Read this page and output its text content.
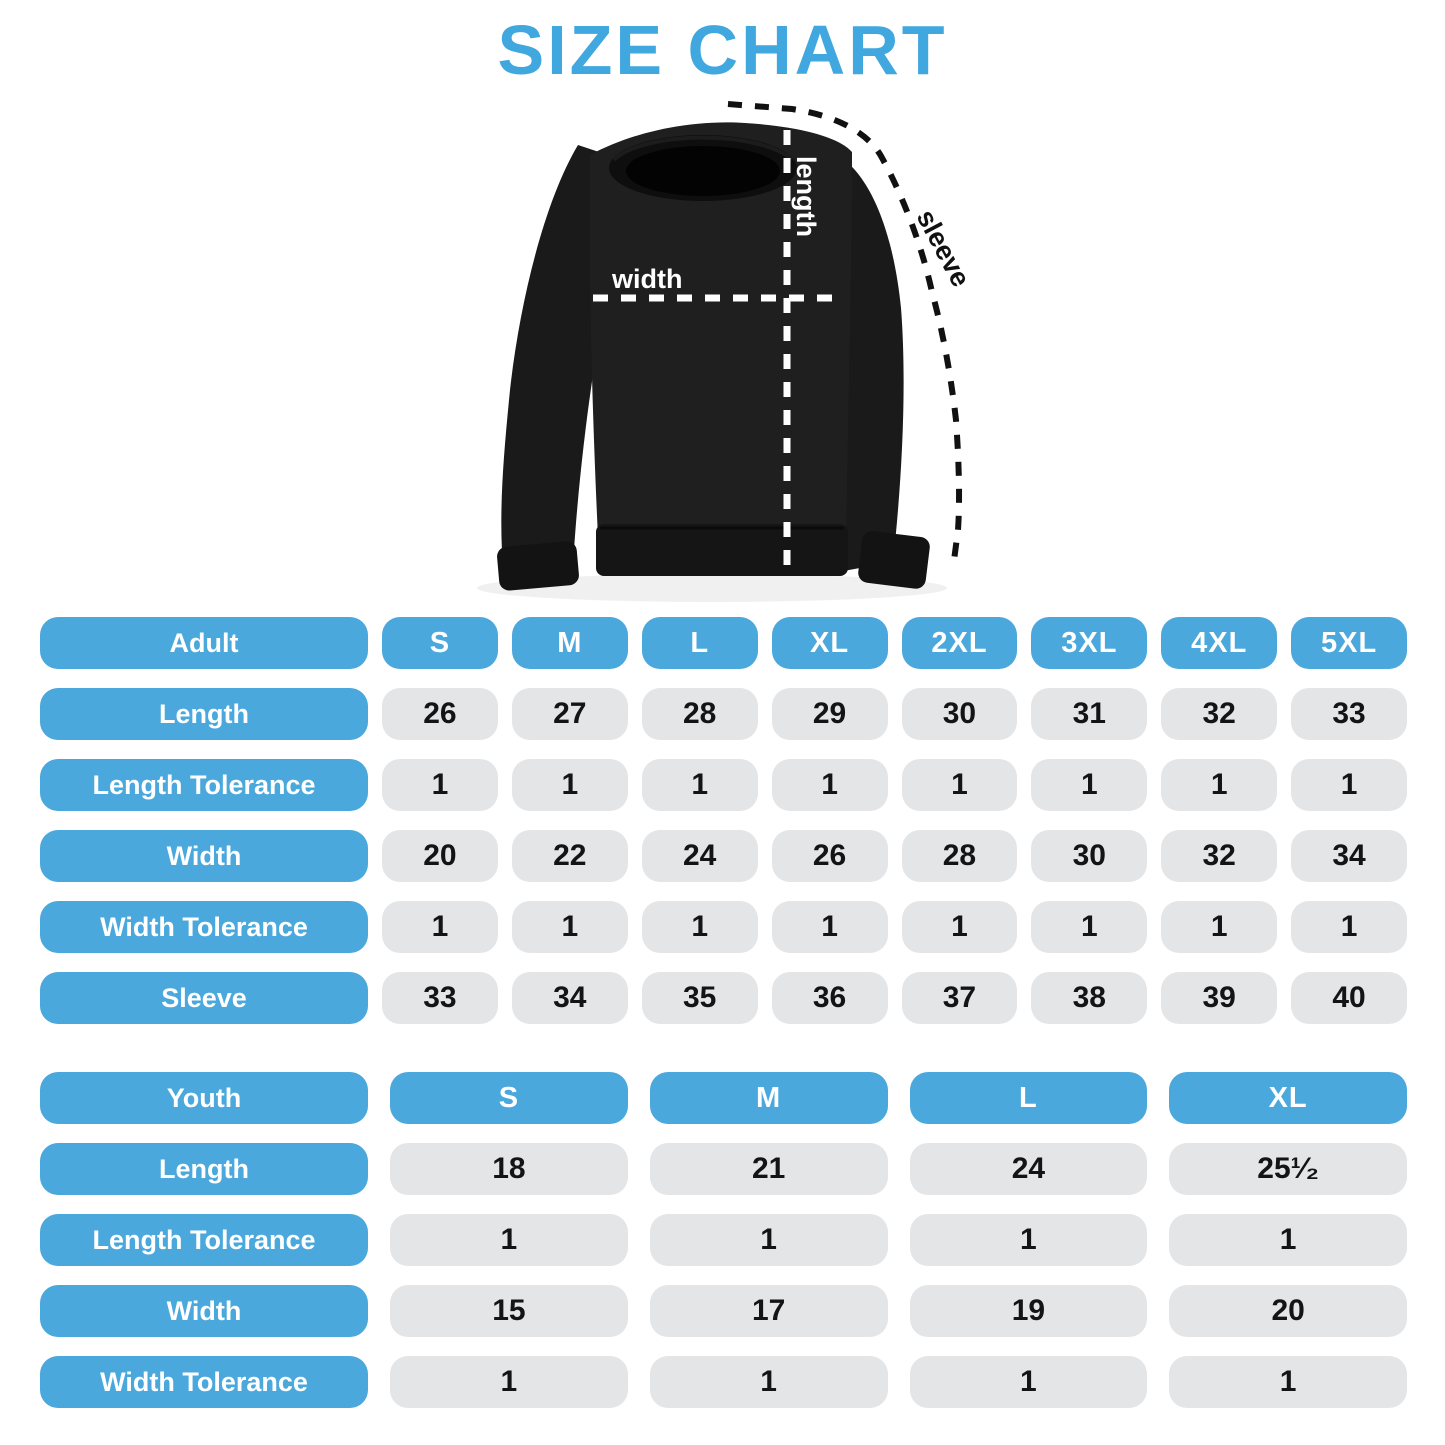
SIZE CHART
width
length
sleeve
Adult	S	M	L	XL	2XL	3XL	4XL	5XL
Length	26	27	28	29	30	31	32	33
Length Tolerance	1	1	1	1	1	1	1	1
Width	20	22	24	26	28	30	32	34
Width Tolerance	1	1	1	1	1	1	1	1
Sleeve	33	34	35	36	37	38	39	40
Youth	S	M	L	XL
Length	18	21	24	25¹⁄₂
Length Tolerance	1	1	1	1
Width	15	17	19	20
Width Tolerance	1	1	1	1
